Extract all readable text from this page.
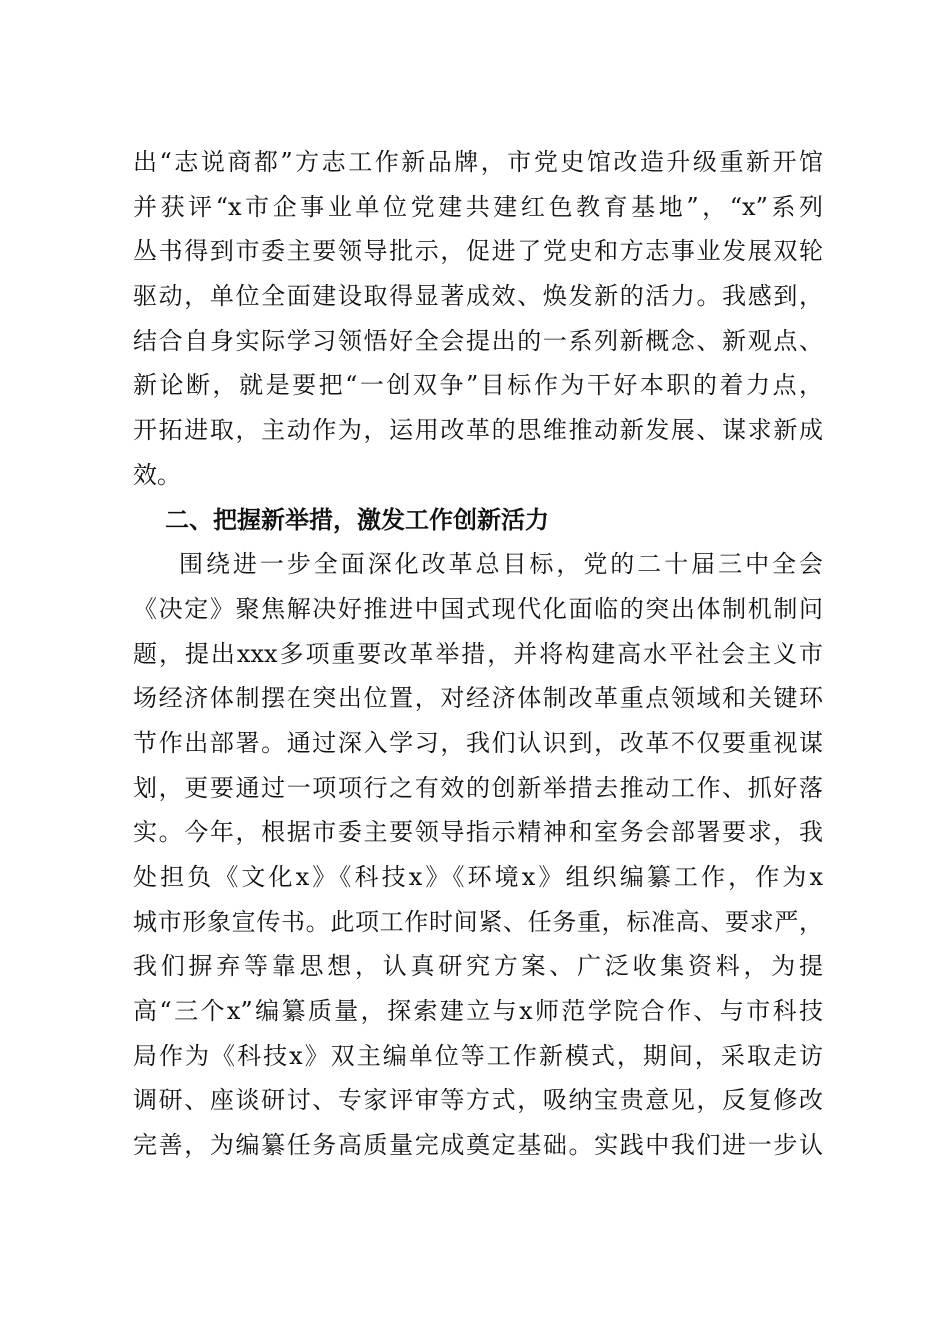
出“志说商都”方志工作新品牌，市党史馆改造升级重新开馆
并获评“x市企事业单位党建共建红色教育基地”，“x”系列
丛书得到市委主要领导批示，促进了党史和方志事业发展双轮
驱动，单位全面建设取得显著成效、焕发新的活力。我感到，
结合自身实际学习领悟好全会提出的一系列新概念、新观点、
新论断，就是要把“一创双争”目标作为干好本职的着力点，
开拓进取，主动作为，运用改革的思维推动新发展、谋求新成
效。
二、把握新举措，激发工作创新活力
围绕进一步全面深化改革总目标，党的二十届三中全会
《决定》聚焦解决好推进中国式现代化面临的突出体制机制问
题，提出xxx多项重要改革举措，并将构建高水平社会主义市
场经济体制摆在突出位置，对经济体制改革重点领域和关键环
节作出部署。通过深入学习，我们认识到，改革不仅要重视谋
划，更要通过一项项行之有效的创新举措去推动工作、抓好落
实。今年，根据市委主要领导指示精神和室务会部署要求，我
处担负《文化x》《科技x》《环境x》组织编纂工作，作为x
城市形象宣传书。此项工作时间紧、任务重，标准高、要求严，
我们摒弃等靠思想，认真研究方案、广泛收集资料，为提
高“三个x”编纂质量，探索建立与x师范学院合作、与市科技
局作为《科技x》双主编单位等工作新模式，期间，采取走访
调研、座谈研讨、专家评审等方式，吸纳宝贵意见，反复修改
完善，为编纂任务高质量完成奠定基础。实践中我们进一步认
